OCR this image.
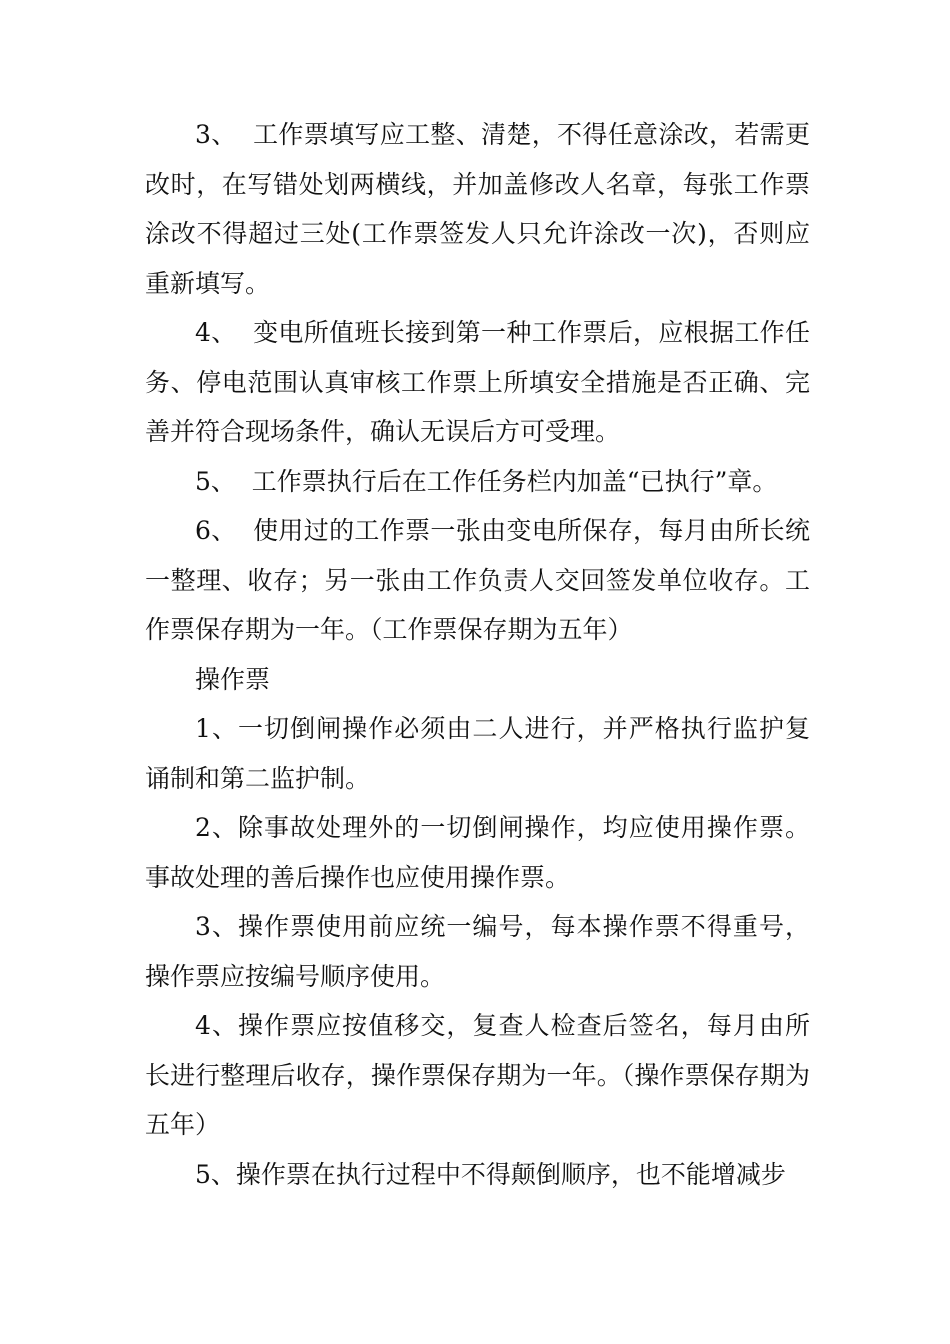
3、  工作票填写应工整、清楚，不得任意涂改，若需更改时，在写错处划两横线，并加盖修改人名章，每张工作票涂改不得超过三处(工作票签发人只允许涂改一次)，否则应重新填写。

4、  变电所值班长接到第一种工作票后，应根据工作任务、停电范围认真审核工作票上所填安全措施是否正确、完善并符合现场条件，确认无误后方可受理。

5、  工作票执行后在工作任务栏内加盖“已执行”章。

6、  使用过的工作票一张由变电所保存，每月由所长统一整理、收存；另一张由工作负责人交回签发单位收存。工作票保存期为一年。（工作票保存期为五年）

操作票

1、一切倒闸操作必须由二人进行，并严格执行监护复诵制和第二监护制。

2、除事故处理外的一切倒闸操作，均应使用操作票。事故处理的善后操作也应使用操作票。

3、操作票使用前应统一编号，每本操作票不得重号，操作票应按编号顺序使用。

4、操作票应按值移交，复查人检查后签名，每月由所长进行整理后收存，操作票保存期为一年。（操作票保存期为五年）

5、操作票在执行过程中不得颠倒顺序，也不能增减步
